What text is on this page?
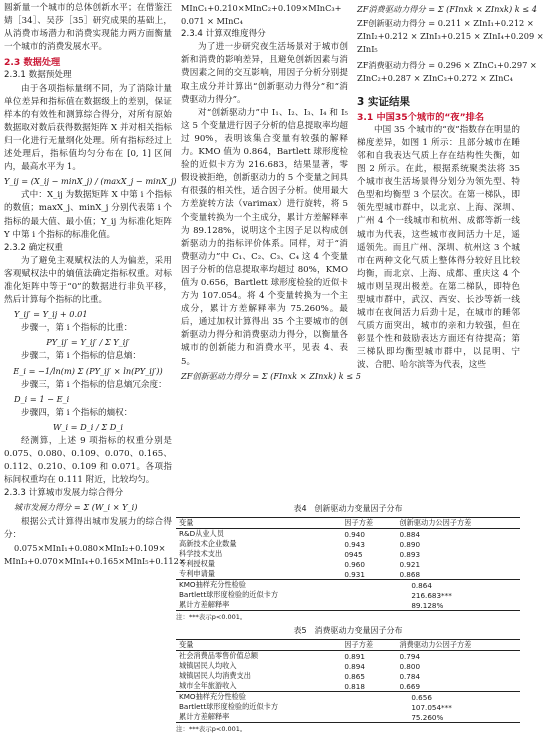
圆新量一个城市的总体创新水平；在借鉴汪婧［34］、吴莎［35］研究成果的基础上，从消费市场潜力和消费实现能力两方面衡量一个城市的消费发展水平。

2.3 数据处理
2.3.1 数据预处理

由于各项指标量纲不同，为了消除计量单位差异和指标值在数据级上的差别，保证样本的有效性和测算综合得分，对所有原始数据取对数后获得数据矩阵 X 并对相关指标归一化进行无量纲化处理。所有指标经过上述处理后，指标值均匀分布在 [0, 1] 区间内，最高水平为 1。

Y_ij = (X_ij − minX_j) / (maxX_j − minX_j)

式中：X_ij 为数据矩阵 X 中第 i 个指标的数值；maxX_j、minX_j 分别代表第 i 个指标的最大值、最小值；Y_ij 为标准化矩阵 Y 中第 i 个指标的标准化值。

2.3.2 确定权重

为了避免主观赋权法的人为偏差，采用客观赋权法中的熵值法确定指标权重。对标准化矩阵中等于“0”的数据进行非负平移，然后计算每个指标的比重。

Y_ij′ = Y_ij + 0.01

步骤一，第 i 个指标的比重：

PY_ij′ = Y_ij′ / Σ Y_ij′

步骤二，第 i 个指标的信息熵：

E_i = −1/ln(m) Σ (PY_ij′ × ln(PY_ij′))

步骤三，第 i 个指标的信息熵冗余度：

D_i = 1 − E_i

步骤四，第 i 个指标的熵权：

W_i = D_i / Σ D_i

经测算，上述 9 项指标的权重分别是 0.075、0.080、0.109、0.070、0.165、0.112、0.210、0.109 和 0.071。各项指标间权重均在 0.111 附近，比较均匀。

2.3.3 计算城市发展力综合得分
城市发展力得分 = Σ (W_i × Y_i)

根据公式计算得出城市发展力的综合得分：

0.075×MInI₁+0.080×MInI₂+0.109×
MInI₃+0.070×MInI₄+0.165×MInI₅+0.112×
MInC₁+0.210×MInC₂+0.109×MInC₃+
0.071 × MInC₄
2.3.4 计算双维度得分

为了进一步研究夜生活场景对于城市创新和消费的影响差异，且避免创新因素与消费因素之间的交互影响，用因子分析分别提取主成分并计算出“创新驱动力得分”和“消费驱动力得分”。

对“创新驱动力”中 I₁、I₂、I₃、I₄ 和 I₅ 这 5 个变量进行因子分析的信息提取率均超过 90%，表明该集合变量有较强的解释力。KMO 值为 0.864，Bartlett 球形度检验的近似卡方为 216.683，结果显著，零假设被拒绝，创新驱动力的 5 个变量之间具有很强的相关性，适合因子分析。使用最大方差旋转方法（varimax）进行旋转，将 5 个变量转换为一个主成分，累计方差解释率为 89.128%，说明这个主因子足以构成创新驱动力的指标评价体系。同样，对于“消费驱动力”中 C₁、C₂、C₃、C₄ 这 4 个变量因子分析的信息提取率均超过 80%，KMO 值为 0.656，Bartlett 球形度检验的近似卡方为 107.054。将 4 个变量转换为一个主成分，累计方差解释率为 75.260%。最后，通过加权计算得出 35 个主要城市的创新驱动力得分和消费驱动力得分，以衡量各城市的创新能力和消费水平，见表 4、表 5。

ZF创新驱动力得分 = Σ (FInxk × ZInxk) k ≤ 5
ZF消费驱动力得分 = Σ (FInxk × ZInxk) k ≤ 4
ZF创新驱动力得分 = 0.211 × ZInI₁+0.212 ×
ZInI₂+0.212 × ZInI₃+0.215 × ZInI₄+0.209 ×
ZInI₅
ZF消费驱动力得分 = 0.296 × ZInC₁+0.297 ×
ZInC₂+0.287 × ZInC₃+0.272 × ZInC₄
3 实证结果
3.1 中国35个城市的“夜”排名

中国 35 个城市的“夜”指数存在明显的梯度差异，如图 1 所示：且部分城市在睡邻和自我表达气质上存在结构性失衡，如图 2 所示。在此，根据系统聚类法将 35 个城市夜生活场景得分划分为领先型、特色型和均衡型 3 个层次。在第一梯队，即领先型城市群中，以北京、上海、深圳、广州 4 个一线城市和杭州、成都等新一线城市为代表，这些城市夜间活力十足，遥遥领先。而且广州、深圳、杭州这 3 个城市在两种文化气质上整体得分较好且比较均衡，而北京、上海、成都、重庆这 4 个城市则呈现出极差。在第二梯队，即特色型城市群中，武汉、西安、长沙等新一线城市在夜间活力后劲十足，在城市的睡邻气质方面突出，城市的亲和力较强，但在彰显个性和鼓励表达方面还有待提高；第三梯队即均衡型城市群中，以昆明、宁波、合肥、哈尔滨等为代表，这些

表4　创新驱动力变量因子分布
变量	因子方差	创新驱动力公因子方差
R&D从业人员	0.940	0.884
高新技术企业数量	0.943	0.890
科学技术支出	0945	0.893
专利授权量	0.960	0.921
专利申请量	0.931	0.868
KMO抽样充分性检验	0.864	
Bartlett球形度检验的近似卡方	216.683***	
累计方差解释率	89.128%	
注：***表示p<0.001。
表5　消费驱动力变量因子分布
变量	因子方差	消费驱动力公因子方差
社会消费品零售价值总额	0.891	0.794
城镇居民人均收入	0.894	0.800
城镇居民人均消费支出	0.865	0.784
城市全年旅游收入	0.818	0.669
KMO抽样充分性检验	0.656	
Bartlett球形度检验的近似卡方	107.054***	
累计方差解释率	75.260%	
注：***表示p<0.001。
